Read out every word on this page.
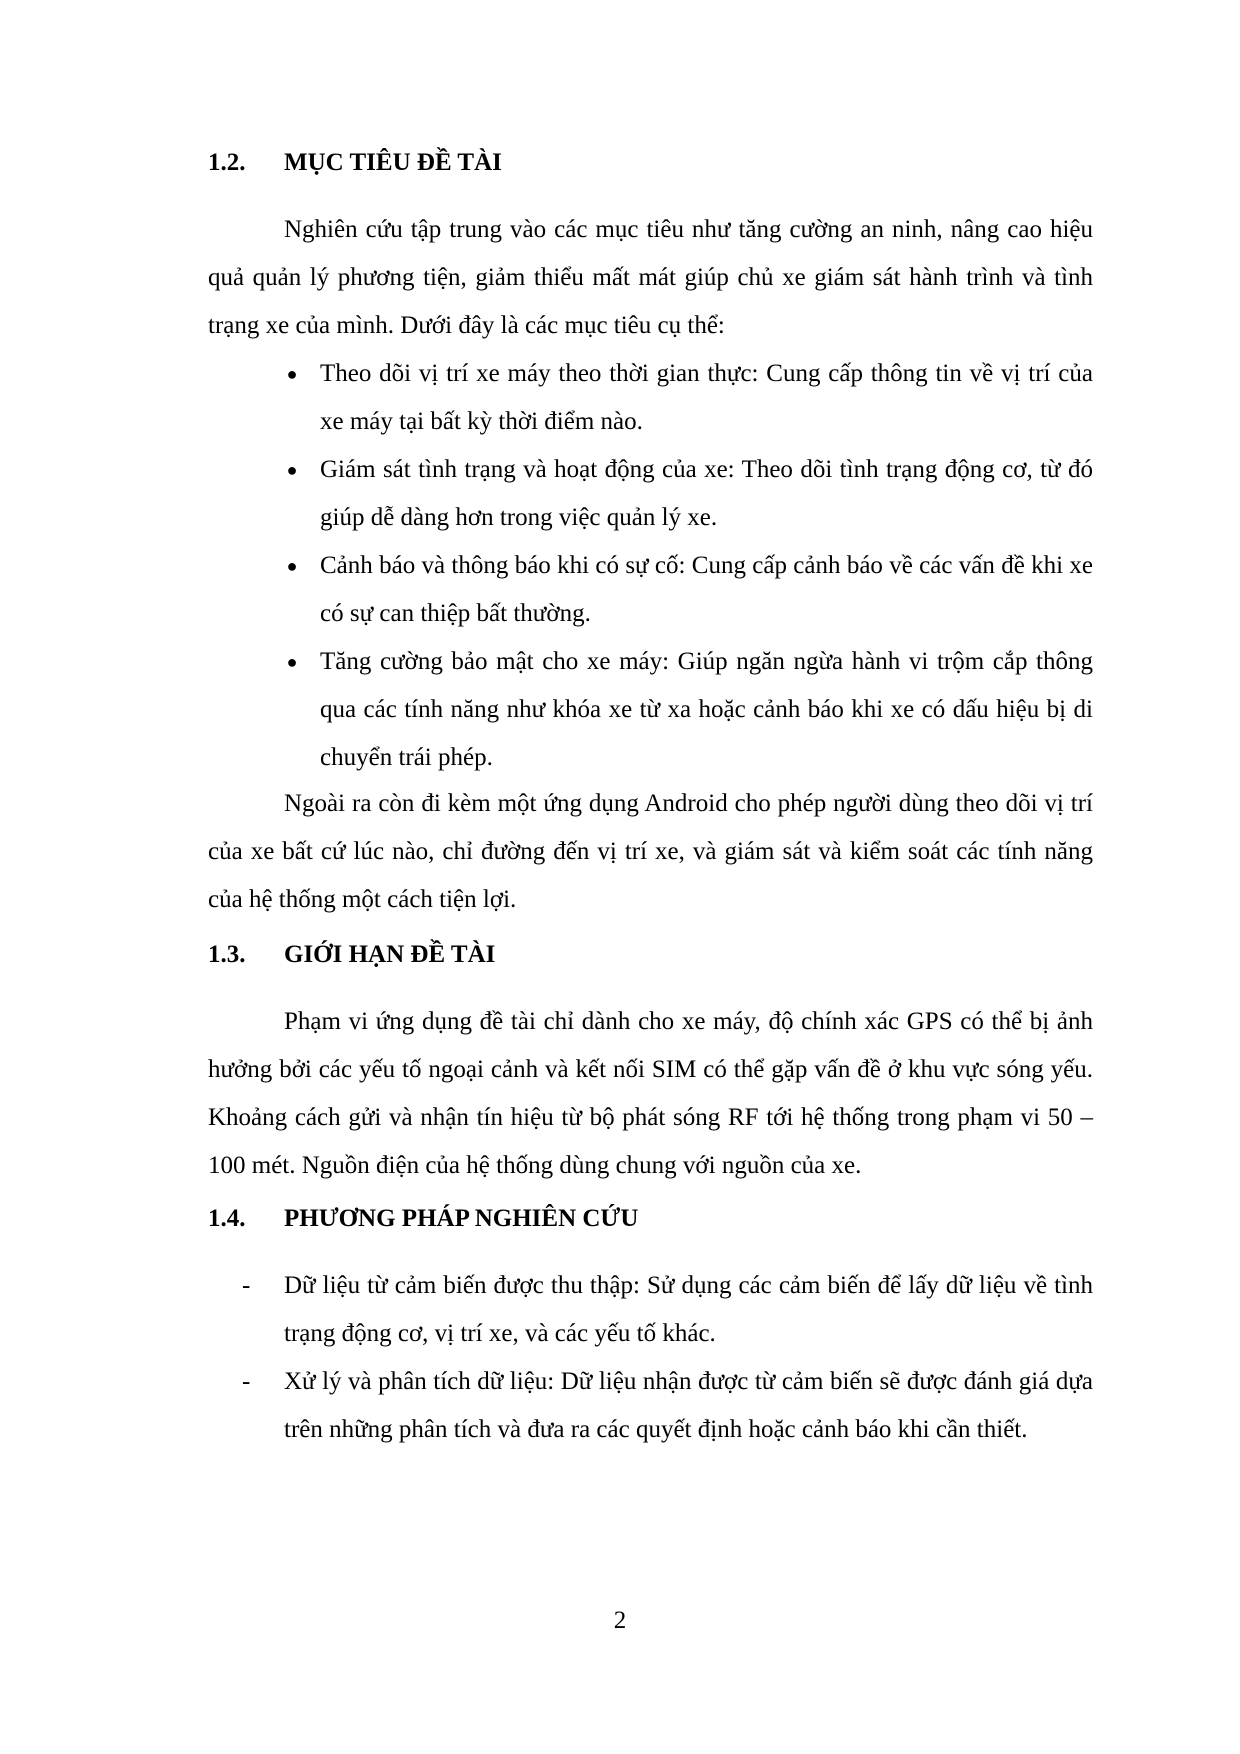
1.2. MỤC TIÊU ĐỀ TÀI

Nghiên cứu tập trung vào các mục tiêu như tăng cường an ninh, nâng cao hiệu quả quản lý phương tiện, giảm thiểu mất mát giúp chủ xe giám sát hành trình và tình trạng xe của mình. Dưới đây là các mục tiêu cụ thể:

● Theo dõi vị trí xe máy theo thời gian thực: Cung cấp thông tin về vị trí của xe máy tại bất kỳ thời điểm nào.
● Giám sát tình trạng và hoạt động của xe: Theo dõi tình trạng động cơ, từ đó giúp dễ dàng hơn trong việc quản lý xe.
● Cảnh báo và thông báo khi có sự cố: Cung cấp cảnh báo về các vấn đề khi xe có sự can thiệp bất thường.
● Tăng cường bảo mật cho xe máy: Giúp ngăn ngừa hành vi trộm cắp thông qua các tính năng như khóa xe từ xa hoặc cảnh báo khi xe có dấu hiệu bị di chuyển trái phép.

Ngoài ra còn đi kèm một ứng dụng Android cho phép người dùng theo dõi vị trí của xe bất cứ lúc nào, chỉ đường đến vị trí xe, và giám sát và kiểm soát các tính năng của hệ thống một cách tiện lợi.

1.3. GIỚI HẠN ĐỀ TÀI

Phạm vi ứng dụng đề tài chỉ dành cho xe máy, độ chính xác GPS có thể bị ảnh hưởng bởi các yếu tố ngoại cảnh và kết nối SIM có thể gặp vấn đề ở khu vực sóng yếu. Khoảng cách gửi và nhận tín hiệu từ bộ phát sóng RF tới hệ thống trong phạm vi 50 – 100 mét. Nguồn điện của hệ thống dùng chung với nguồn của xe.

1.4. PHƯƠNG PHÁP NGHIÊN CỨU
- Dữ liệu từ cảm biến được thu thập: Sử dụng các cảm biến để lấy dữ liệu về tình trạng động cơ, vị trí xe, và các yếu tố khác.
- Xử lý và phân tích dữ liệu: Dữ liệu nhận được từ cảm biến sẽ được đánh giá dựa trên những phân tích và đưa ra các quyết định hoặc cảnh báo khi cần thiết.
2
